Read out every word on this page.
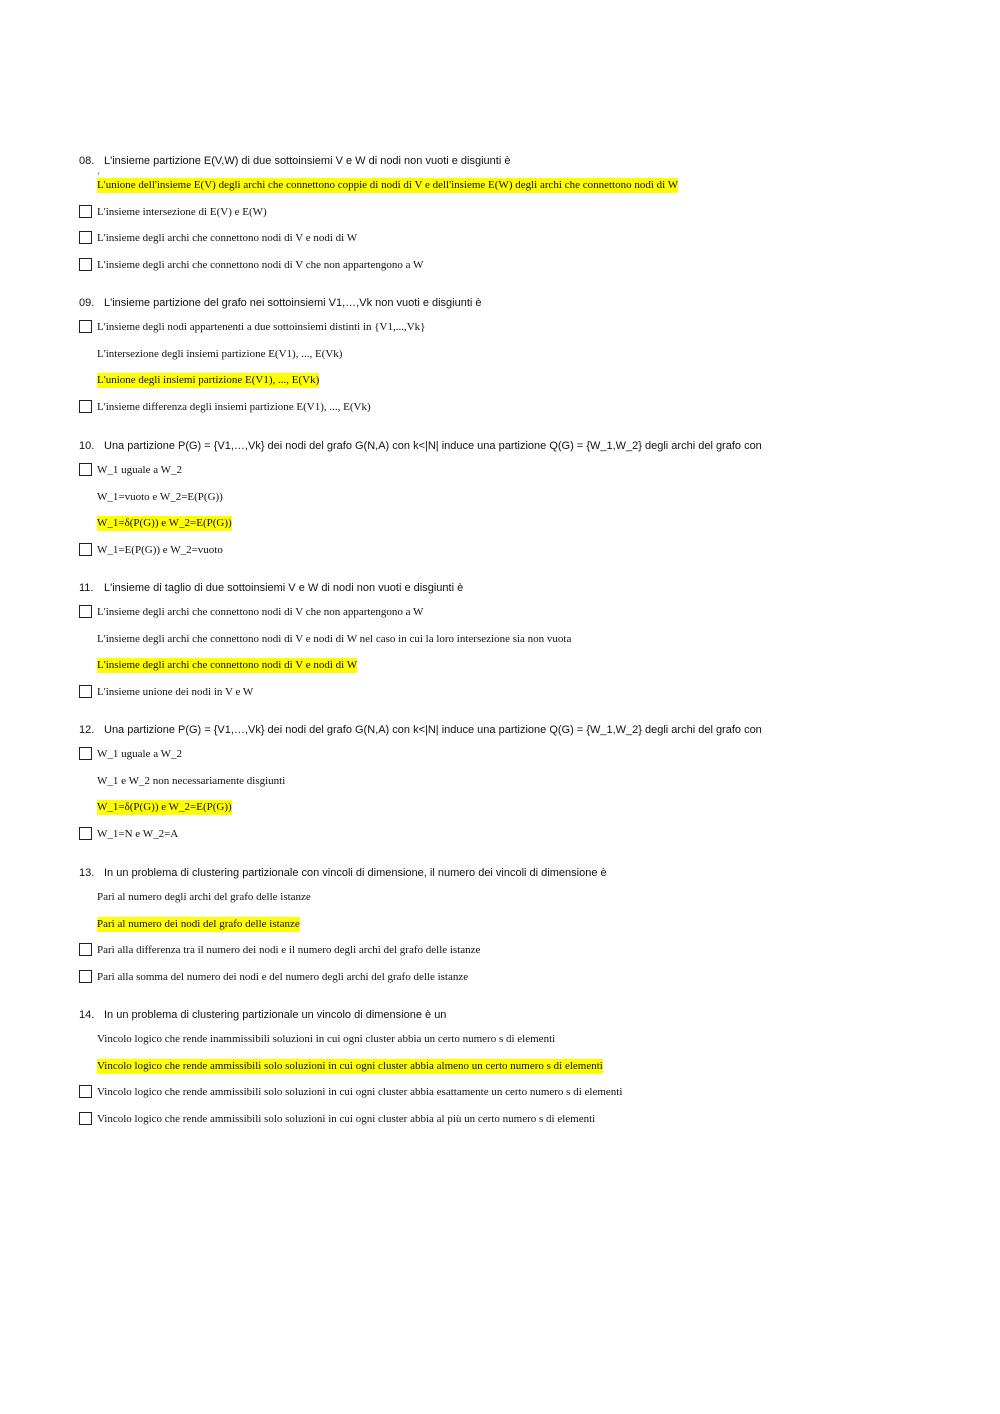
08. L'insieme partizione E(V,W) di due sottoinsiemi V e W di nodi non vuoti e disgiunti è
'
L'unione dell'insieme E(V) degli archi che connettono coppie di nodi di V e dell'insieme E(W) degli archi che connettono nodi di W
L'insieme intersezione di E(V) e E(W)
L'insieme degli archi che connettono nodi di V e nodi di W
L'insieme degli archi che connettono nodi di V che non appartengono a W
09. L'insieme partizione del grafo nei sottoinsiemi V1,…,Vk non vuoti e disgiunti è
L'insieme degli nodi appartenenti a due sottoinsiemi distinti in {V1,...,Vk}
L'intersezione degli insiemi partizione E(V1), ..., E(Vk)
L'unione degli insiemi partizione E(V1), ..., E(Vk)
L'insieme differenza degli insiemi partizione E(V1), ..., E(Vk)
10. Una partizione P(G) = {V1,…,Vk} dei nodi del grafo G(N,A) con k<|N| induce una partizione Q(G) = {W_1,W_2} degli archi del grafo con
W_1 uguale a W_2
W_1=vuoto e W_2=E(P(G))
W_1=δ(P(G)) e W_2=E(P(G))
W_1=E(P(G)) e W_2=vuoto
11. L'insieme di taglio di due sottoinsiemi V e W di nodi non vuoti e disgiunti è
L'insieme degli archi che connettono nodi di V che non appartengono a W
L'insieme degli archi che connettono nodi di V e nodi di W nel caso in cui la loro intersezione sia non vuota
L'insieme degli archi che connettono nodi di V e nodi di W
L'insieme unione dei nodi in V e W
12. Una partizione P(G) = {V1,…,Vk} dei nodi del grafo G(N,A) con k<|N| induce una partizione Q(G) = {W_1,W_2} degli archi del grafo con
W_1 uguale a W_2
W_1 e W_2 non necessariamente disgiunti
W_1=δ(P(G)) e W_2=E(P(G))
W_1=N e W_2=A
13. In un problema di clustering partizionale con vincoli di dimensione, il numero dei vincoli di dimensione è
Pari al numero degli archi del grafo delle istanze
Pari al numero dei nodi del grafo delle istanze
Pari alla differenza tra il numero dei nodi e il numero degli archi del grafo delle istanze
Pari alla somma del numero dei nodi e del numero degli archi del grafo delle istanze
14. In un problema di clustering partizionale un vincolo di dimensione è un
Vincolo logico che rende inammissibili soluzioni in cui ogni cluster abbia un certo numero s di elementi
Vincolo logico che rende ammissibili solo soluzioni in cui ogni cluster abbia almeno un certo numero s di elementi
Vincolo logico che rende ammissibili solo soluzioni in cui ogni cluster abbia esattamente un certo numero s di elementi
Vincolo logico che rende ammissibili solo soluzioni in cui ogni cluster abbia al più un certo numero s di elementi
